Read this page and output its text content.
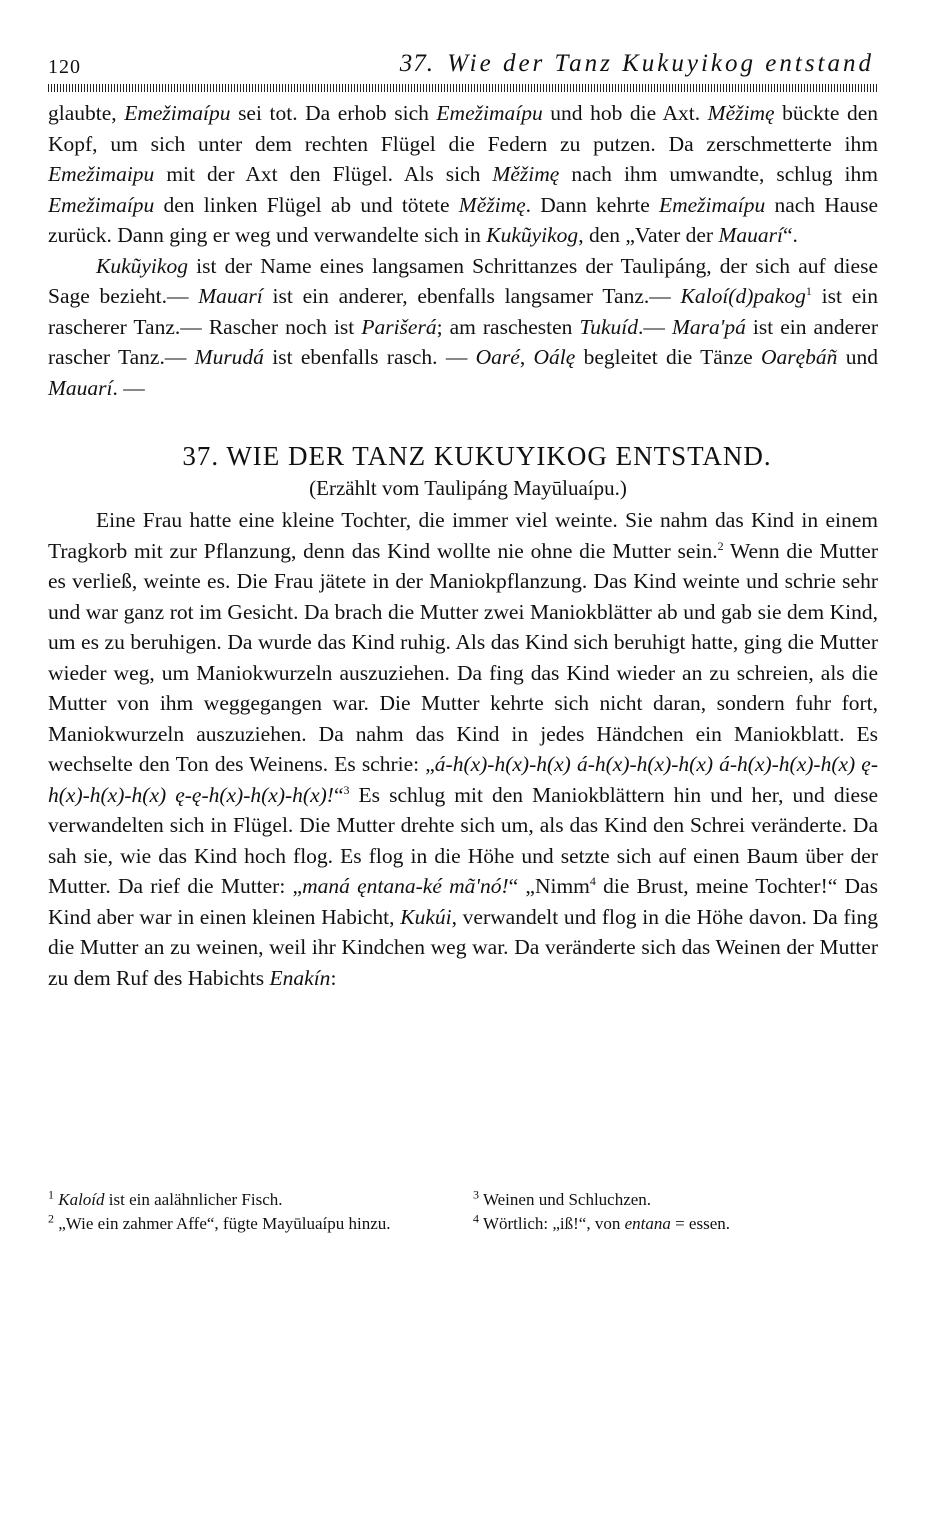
120	37. Wie der Tanz Kukuyikog entstand

glaubte, Emežimaípu sei tot. Da erhob sich Emežimaípu und hob die Axt. Měžimę bückte den Kopf, um sich unter dem rechten Flügel die Federn zu putzen. Da zerschmetterte ihm Emežimaipu mit der Axt den Flügel. Als sich Měžimę nach ihm umwandte, schlug ihm Emežimaípu den linken Flügel ab und tötete Měžimę. Dann kehrte Emežimaípu nach Hause zurück. Dann ging er weg und verwandelte sich in Kukũyikog, den „Vater der Mauarí“.

Kukũyikog ist der Name eines langsamen Schrittanzes der Taulipáng, der sich auf diese Sage bezieht.— Mauarí ist ein anderer, ebenfalls langsamer Tanz.— Kaloí(d)pakog$^1$ ist ein rascherer Tanz.— Rascher noch ist Parišerá; am raschesten Tukuíd.— Mara'pá ist ein anderer rascher Tanz.— Murudá ist ebenfalls rasch. — Oaré, Oálę begleitet die Tänze Oarębáñ und Mauarí. —

37. WIE DER TANZ KUKUYIKOG ENTSTAND.
(Erzählt vom Taulipáng Mayūluaípu.)

Eine Frau hatte eine kleine Tochter, die immer viel weinte. Sie nahm das Kind in einem Tragkorb mit zur Pflanzung, denn das Kind wollte nie ohne die Mutter sein.$^2$ Wenn die Mutter es verließ, weinte es. Die Frau jätete in der Maniokpflanzung. Das Kind weinte und schrie sehr und war ganz rot im Gesicht. Da brach die Mutter zwei Maniokblätter ab und gab sie dem Kind, um es zu beruhigen. Da wurde das Kind ruhig. Als das Kind sich beruhigt hatte, ging die Mutter wieder weg, um Maniokwurzeln auszuziehen. Da fing das Kind wieder an zu schreien, als die Mutter von ihm weggegangen war. Die Mutter kehrte sich nicht daran, sondern fuhr fort, Maniokwurzeln auszuziehen. Da nahm das Kind in jedes Händchen ein Maniokblatt. Es wechselte den Ton des Weinens. Es schrie: „á-h(x)-h(x)-h(x) á-h(x)-h(x)-h(x) á-h(x)-h(x)-h(x) ę-h(x)-h(x)-h(x) ę-ę-h(x)-h(x)-h(x)!“$^3$ Es schlug mit den Maniokblättern hin und her, und diese verwandelten sich in Flügel. Die Mutter drehte sich um, als das Kind den Schrei veränderte. Da sah sie, wie das Kind hoch flog. Es flog in die Höhe und setzte sich auf einen Baum über der Mutter. Da rief die Mutter: „maná ęntana-ké mã'nó!“ „Nimm$^4$ die Brust, meine Tochter!“ Das Kind aber war in einen kleinen Habicht, Kukúi, verwandelt und flog in die Höhe davon. Da fing die Mutter an zu weinen, weil ihr Kindchen weg war. Da veränderte sich das Weinen der Mutter zu dem Ruf des Habichts Enakín:

$^1$ Kaloíd ist ein aalähnlicher Fisch.
$^2$ „Wie ein zahmer Affe“, fügte Mayūluaípu hinzu.
$^3$ Weinen und Schluchzen.
$^4$ Wörtlich: „iß!“, von entana = essen.
